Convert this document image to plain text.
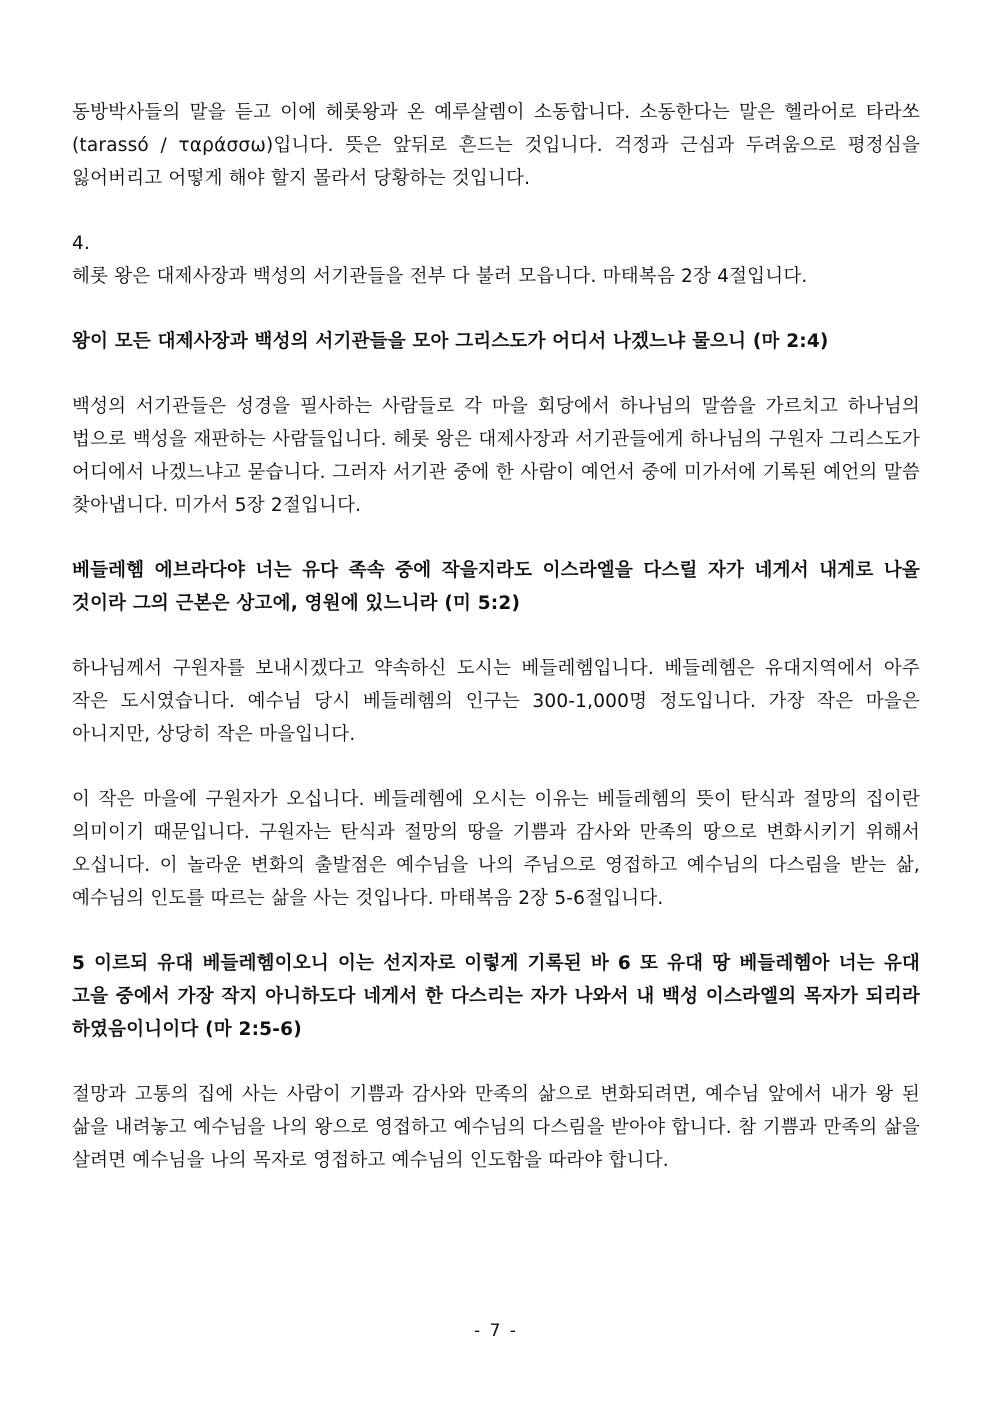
동방박사들의 말을 듣고 이에 헤롯왕과 온 예루살렘이 소동합니다. 소동한다는 말은 헬라어로 타라쏘(tarassó / ταράσσω)입니다. 뜻은 앞뒤로 흔드는 것입니다. 걱정과 근심과 두려움으로 평정심을 잃어버리고 어떻게 해야 할지 몰라서 당황하는 것입니다.

4.

헤롯 왕은 대제사장과 백성의 서기관들을 전부 다 불러 모읍니다. 마태복음 2장 4절입니다.

왕이 모든 대제사장과 백성의 서기관들을 모아 그리스도가 어디서 나겠느냐 물으니 (마 2:4)

백성의 서기관들은 성경을 필사하는 사람들로 각 마을 회당에서 하나님의 말씀을 가르치고 하나님의 법으로 백성을 재판하는 사람들입니다. 헤롯 왕은 대제사장과 서기관들에게 하나님의 구원자 그리스도가 어디에서 나겠느냐고 묻습니다. 그러자 서기관 중에 한 사람이 예언서 중에 미가서에 기록된 예언의 말씀 찾아냅니다. 미가서 5장 2절입니다.

베들레헴 에브라다야 너는 유다 족속 중에 작을지라도 이스라엘을 다스릴 자가 네게서 내게로 나올 것이라 그의 근본은 상고에, 영원에 있느니라 (미 5:2)

하나님께서 구원자를 보내시겠다고 약속하신 도시는 베들레헴입니다. 베들레헴은 유대지역에서 아주 작은 도시였습니다. 예수님 당시 베들레헴의 인구는 300-1,000명 정도입니다. 가장 작은 마을은 아니지만, 상당히 작은 마을입니다.

이 작은 마을에 구원자가 오십니다. 베들레헴에 오시는 이유는 베들레헴의 뜻이 탄식과 절망의 집이란 의미이기 때문입니다. 구원자는 탄식과 절망의 땅을 기쁨과 감사와 만족의 땅으로 변화시키기 위해서 오십니다. 이 놀라운 변화의 출발점은 예수님을 나의 주님으로 영접하고 예수님의 다스림을 받는 삶, 예수님의 인도를 따르는 삶을 사는 것입나다. 마태복음 2장 5-6절입니다.

5 이르되 유대 베들레헴이오니 이는 선지자로 이렇게 기록된 바 6 또 유대 땅 베들레헴아 너는 유대 고을 중에서 가장 작지 아니하도다 네게서 한 다스리는 자가 나와서 내 백성 이스라엘의 목자가 되리라 하였음이니이다 (마 2:5-6)

절망과 고통의 집에 사는 사람이 기쁨과 감사와 만족의 삶으로 변화되려면, 예수님 앞에서 내가 왕 된 삶을 내려놓고 예수님을 나의 왕으로 영접하고 예수님의 다스림을 받아야 합니다. 참 기쁨과 만족의 삶을 살려면 예수님을 나의 목자로 영접하고 예수님의 인도함을 따라야 합니다.

- 7 -
